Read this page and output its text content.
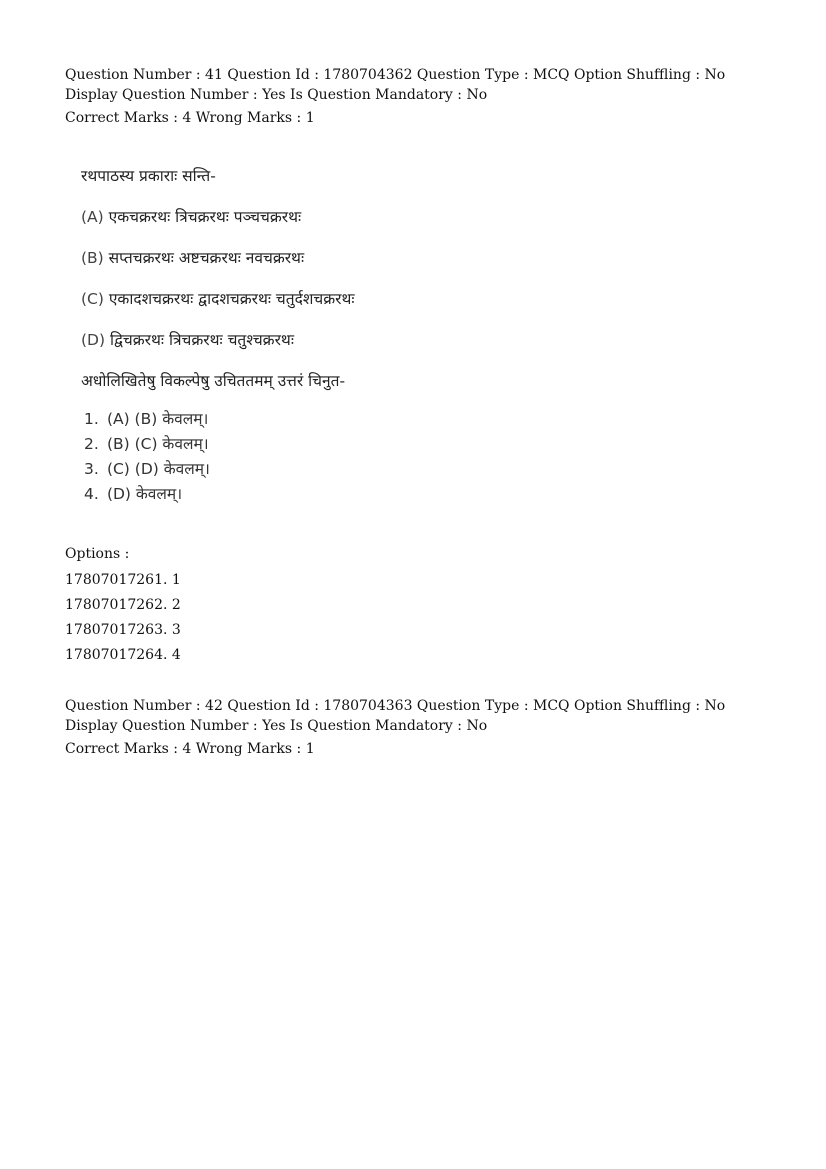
Question Number : 41 Question Id : 1780704362 Question Type : MCQ Option Shuffling : No
Display Question Number : Yes Is Question Mandatory : No
Correct Marks : 4 Wrong Marks : 1
रथपाठस्य प्रकाराः सन्ति-
(A) एकचक्ररथः त्रिचक्ररथः पञ्चचक्ररथः
(B) सप्तचक्ररथः अष्टचक्ररथः नवचक्ररथः
(C) एकादशचक्ररथः द्वादशचक्ररथः चतुर्दशचक्ररथः
(D) द्विचक्ररथः त्रिचक्ररथः चतुश्चक्ररथः
अधोलिखितेषु विकल्पेषु उचिततमम् उत्तरं चिनुत-
1. (A) (B) केवलम्।
2. (B) (C) केवलम्।
3. (C) (D) केवलम्।
4. (D) केवलम्।
Options :
17807017261. 1
17807017262. 2
17807017263. 3
17807017264. 4
Question Number : 42 Question Id : 1780704363 Question Type : MCQ Option Shuffling : No
Display Question Number : Yes Is Question Mandatory : No
Correct Marks : 4 Wrong Marks : 1
